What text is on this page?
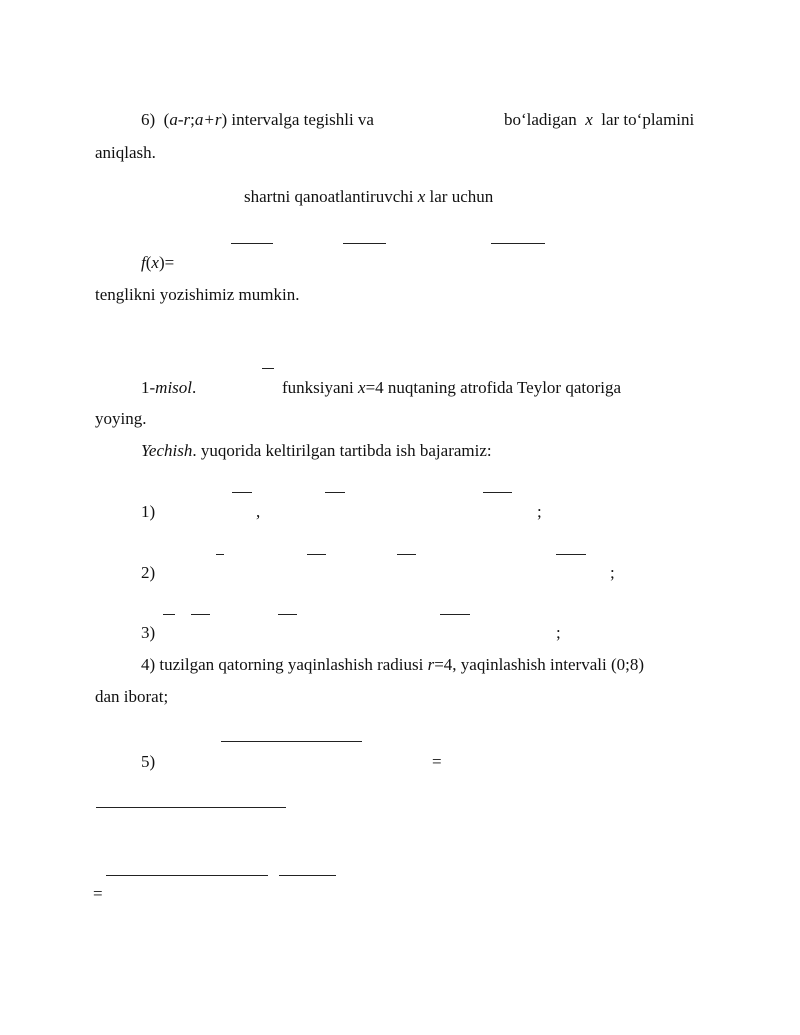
6) (a-r;a+r) intervalga tegishli va	bo‘ladigan x lar to‘plamini
aniqlash.
shartni qanoatlantiruvchi x lar uchun
f(x)=
tenglikni yozishimiz mumkin.
1-misol.	funksiyani x=4 nuqtaning atrofida Teylor qatoriga
yoying.
Yechish. yuqorida keltirilgan tartibda ish bajaramiz:
1)	,	;
2)	;
3)	;
4) tuzilgan qatorning yaqinlashish radiusi r=4, yaqinlashish intervali (0;8)
dan iborat;
5)	=
=
